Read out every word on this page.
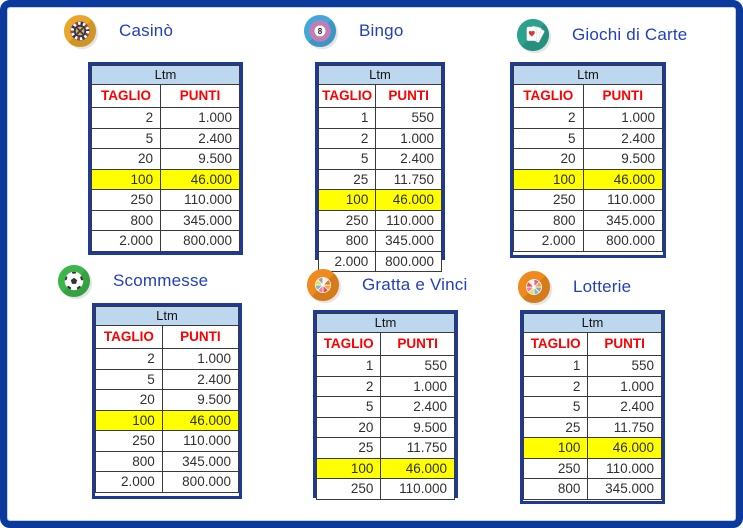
Casinò
Ltm
TAGLIO	PUNTI
2	1.000
5	2.400
20	9.500
100	46.000
250	110.000
800	345.000
2.000	800.000
8 Bingo
Ltm
TAGLIO	PUNTI
1	550
2	1.000
5	2.400
25	11.750
100	46.000
250	110.000
800	345.000
2.000	800.000
Giochi di Carte
Ltm
TAGLIO	PUNTI
2	1.000
5	2.400
20	9.500
100	46.000
250	110.000
800	345.000
2.000	800.000
Scommesse
Ltm
TAGLIO	PUNTI
2	1.000
5	2.400
20	9.500
100	46.000
250	110.000
800	345.000
2.000	800.000
Gratta e Vinci
Ltm
TAGLIO	PUNTI
1	550
2	1.000
5	2.400
20	9.500
25	11.750
100	46.000
250	110.000
Lotterie
Ltm
TAGLIO	PUNTI
1	550
2	1.000
5	2.400
25	11.750
100	46.000
250	110.000
800	345.000
